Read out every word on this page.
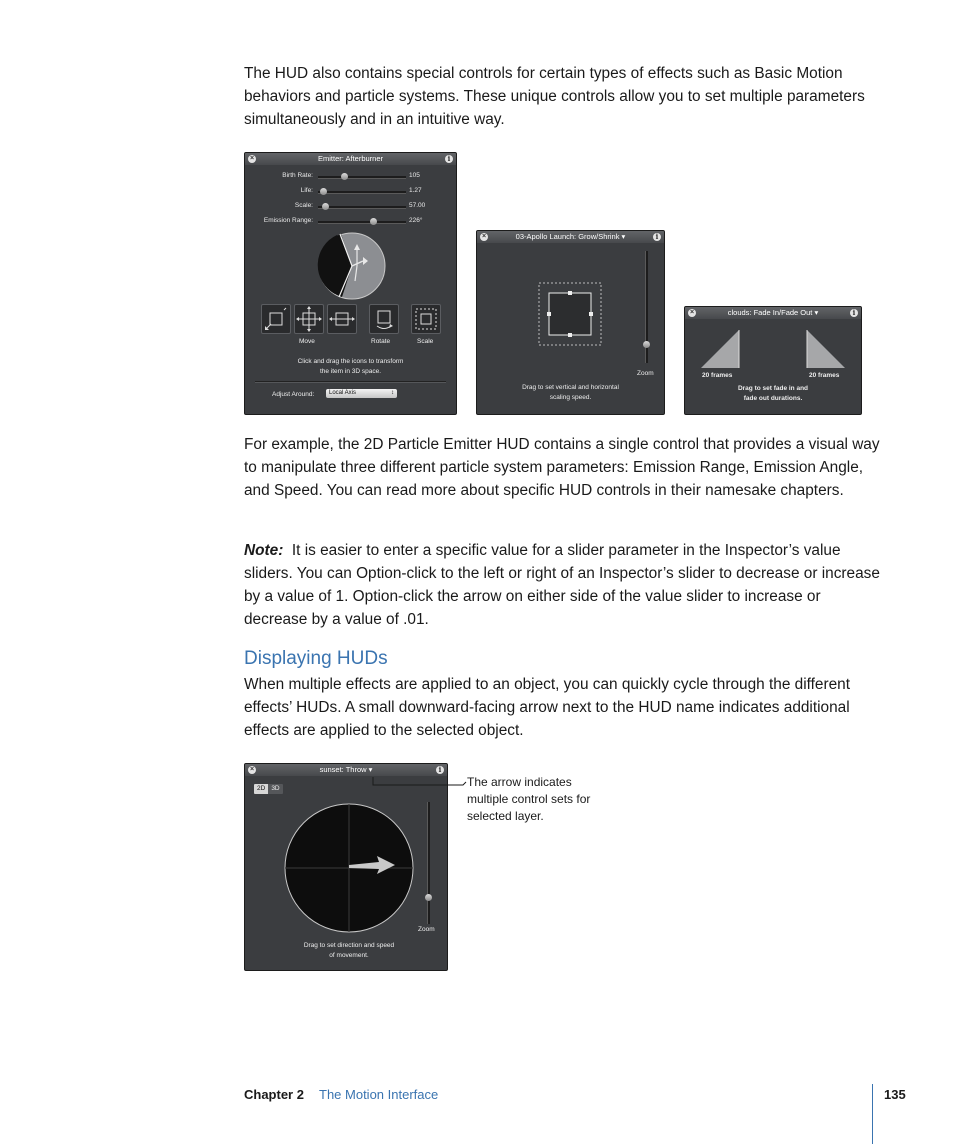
The HUD also contains special controls for certain types of effects such as Basic Motion behaviors and particle systems. These unique controls allow you to set multiple parameters simultaneously and in an intuitive way.

Emitter: Afterburner
×	i
Birth Rate:	105
Life:	1.27
Scale:	57.00
Emission Range:	226°
Move	Rotate	Scale
Click and drag the icons to transform
the item in 3D space.
Adjust Around:	Local Axis	↕
03-Apollo Launch: Grow/Shrink ▾
×	i
Zoom
Drag to set vertical and horizontal
scaling speed.
clouds: Fade In/Fade Out ▾
×	i
20 frames	20 frames
Drag to set fade in and
fade out durations.

For example, the 2D Particle Emitter HUD contains a single control that provides a visual way to manipulate three different particle system parameters: Emission Range, Emission Angle, and Speed. You can read more about specific HUD controls in their namesake chapters.

Note: It is easier to enter a specific value for a slider parameter in the Inspector’s value sliders. You can Option-click to the left or right of an Inspector’s slider to decrease or increase by a value of 1. Option-click the arrow on either side of the value slider to increase or decrease by a value of .01.

Displaying HUDs

When multiple effects are applied to an object, you can quickly cycle through the different effects’ HUDs. A small downward-facing arrow next to the HUD name indicates additional effects are applied to the selected object.

sunset: Throw ▾
×	i
2D 3D
Zoom
Drag to set direction and speed
of movement.
The arrow indicates multiple control sets for selected layer.
Chapter 2 The Motion Interface	135
